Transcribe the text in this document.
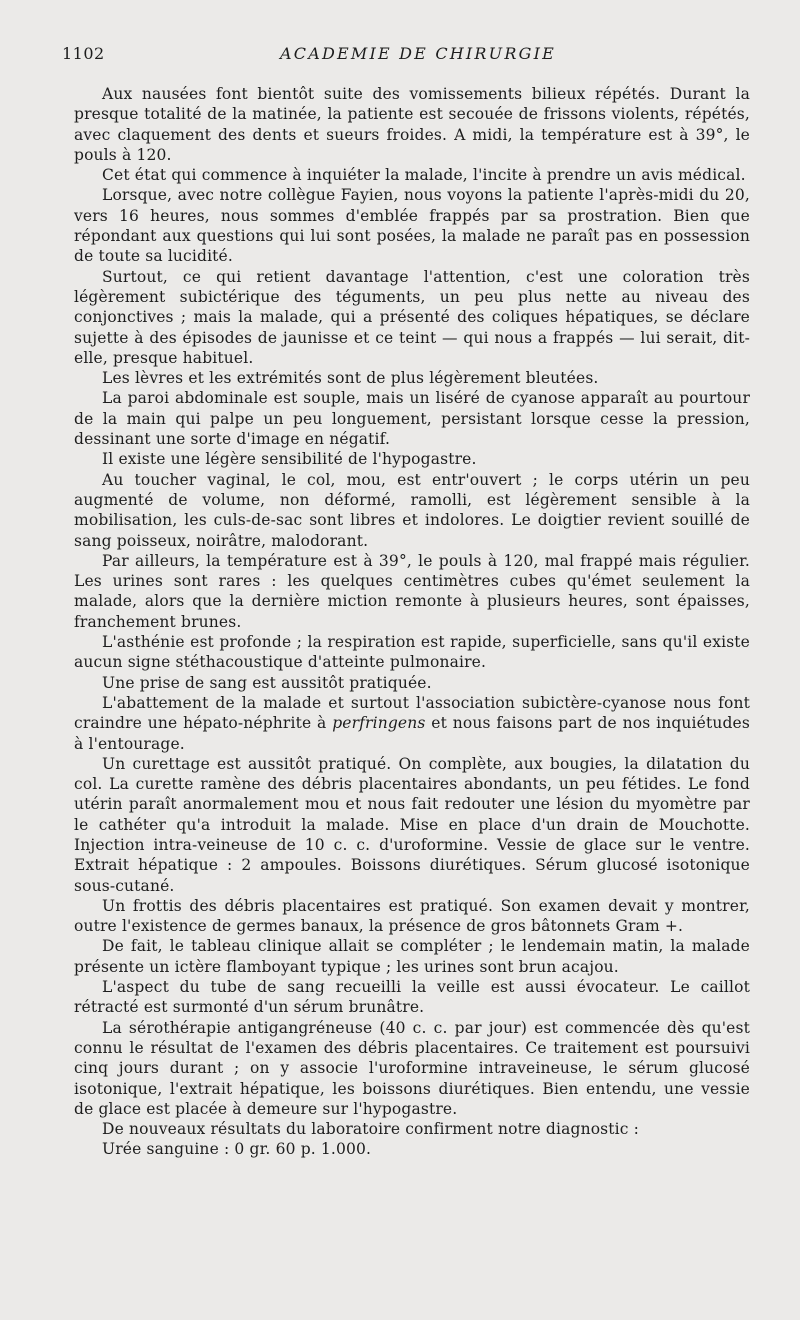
1102	ACADEMIE DE CHIRURGIE

Aux nausées font bientôt suite des vomissements bilieux répétés. Durant la presque totalité de la matinée, la patiente est secouée de frissons violents, répétés, avec claquement des dents et sueurs froides. A midi, la température est à 39°, le pouls à 120.

Cet état qui commence à inquiéter la malade, l'incite à prendre un avis médical.

Lorsque, avec notre collègue Fayien, nous voyons la patiente l'après-midi du 20, vers 16 heures, nous sommes d'emblée frappés par sa prostration. Bien que répondant aux questions qui lui sont posées, la malade ne paraît pas en possession de toute sa lucidité.

Surtout, ce qui retient davantage l'attention, c'est une coloration très légèrement subictérique des téguments, un peu plus nette au niveau des conjonctives ; mais la malade, qui a présenté des coliques hépatiques, se déclare sujette à des épisodes de jaunisse et ce teint — qui nous a frappés — lui serait, dit-elle, presque habituel.

Les lèvres et les extrémités sont de plus légèrement bleutées.

La paroi abdominale est souple, mais un liséré de cyanose apparaît au pourtour de la main qui palpe un peu longuement, persistant lorsque cesse la pression, dessinant une sorte d'image en négatif.

Il existe une légère sensibilité de l'hypogastre.

Au toucher vaginal, le col, mou, est entr'ouvert ; le corps utérin un peu augmenté de volume, non déformé, ramolli, est légèrement sensible à la mobilisation, les culs-de-sac sont libres et indolores. Le doigtier revient souillé de sang poisseux, noirâtre, malodorant.

Par ailleurs, la température est à 39°, le pouls à 120, mal frappé mais régulier. Les urines sont rares : les quelques centimètres cubes qu'émet seulement la malade, alors que la dernière miction remonte à plusieurs heures, sont épaisses, franchement brunes.

L'asthénie est profonde ; la respiration est rapide, superficielle, sans qu'il existe aucun signe stéthacoustique d'atteinte pulmonaire.

Une prise de sang est aussitôt pratiquée.

L'abattement de la malade et surtout l'association subictère-cyanose nous font craindre une hépato-néphrite à perfringens et nous faisons part de nos inquiétudes à l'entourage.

Un curettage est aussitôt pratiqué. On complète, aux bougies, la dilatation du col. La curette ramène des débris placentaires abondants, un peu fétides. Le fond utérin paraît anormalement mou et nous fait redouter une lésion du myomètre par le cathéter qu'a introduit la malade. Mise en place d'un drain de Mouchotte. Injection intra-veineuse de 10 c. c. d'uroformine. Vessie de glace sur le ventre. Extrait hépatique : 2 ampoules. Boissons diurétiques. Sérum glucosé isotonique sous-cutané.

Un frottis des débris placentaires est pratiqué. Son examen devait y montrer, outre l'existence de germes banaux, la présence de gros bâtonnets Gram +.

De fait, le tableau clinique allait se compléter ; le lendemain matin, la malade présente un ictère flamboyant typique ; les urines sont brun acajou.

L'aspect du tube de sang recueilli la veille est aussi évocateur. Le caillot rétracté est surmonté d'un sérum brunâtre.

La sérothérapie antigangréneuse (40 c. c. par jour) est commencée dès qu'est connu le résultat de l'examen des débris placentaires. Ce traitement est poursuivi cinq jours durant ; on y associe l'uroformine intraveineuse, le sérum glucosé isotonique, l'extrait hépatique, les boissons diurétiques. Bien entendu, une vessie de glace est placée à demeure sur l'hypogastre.

De nouveaux résultats du laboratoire confirment notre diagnostic :

Urée sanguine : 0 gr. 60 p. 1.000.
